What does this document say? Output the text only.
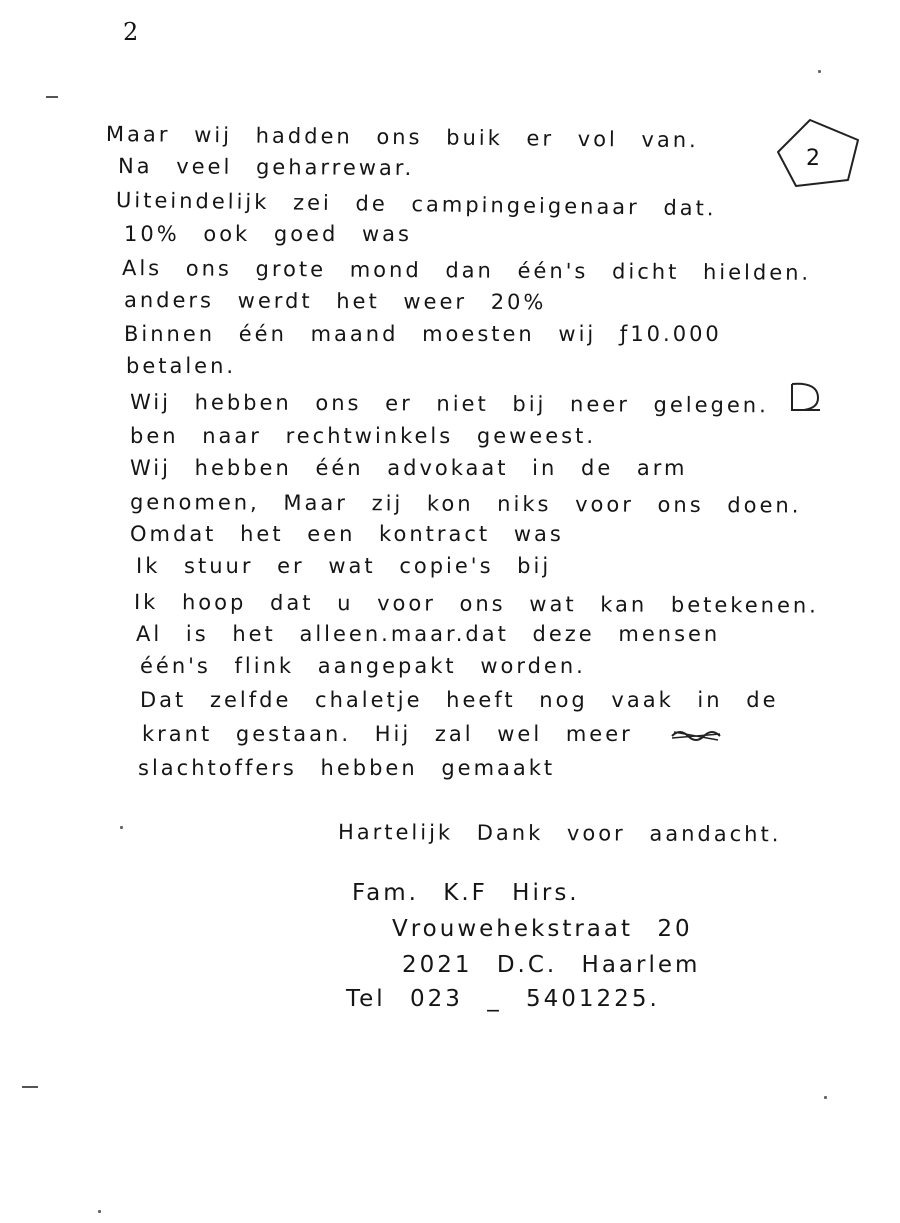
2
2
Maar wij hadden ons buik er vol van.
Na veel geharrewar.
Uiteindelijk zei de campingeigenaar dat.
10% ook goed was
Als ons grote mond dan één's dicht hielden.
anders werdt het weer 20%
Binnen één maand moesten wij ƒ10.000
betalen.
Wij hebben ons er niet bij neer gelegen.
ben naar rechtwinkels geweest.
Wij hebben één advokaat in de arm
genomen, Maar zij kon niks voor ons doen.
Omdat het een kontract was
Ik stuur er wat copie's bij
Ik hoop dat u voor ons wat kan betekenen.
Al is het alleen.maar.dat deze mensen
één's flink aangepakt worden.
Dat zelfde chaletje heeft nog vaak in de
krant gestaan. Hij zal wel meer
slachtoffers hebben gemaakt
Hartelijk Dank voor aandacht.
Fam. K.F Hirs.
Vrouwehekstraat 20
2021 D.C. Haarlem
Tel 023 _ 5401225.
